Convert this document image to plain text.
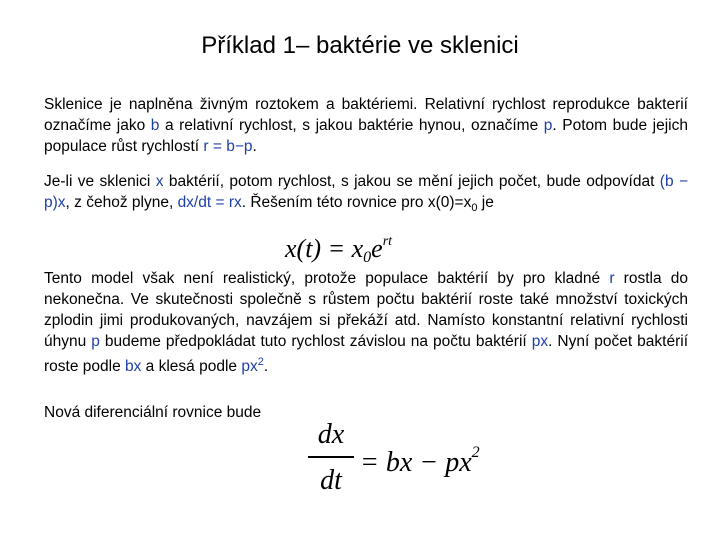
Příklad 1– baktérie ve sklenici
Sklenice je naplněna živným roztokem a baktériemi. Relativní rychlost reprodukce bakterií označíme jako b a relativní rychlost, s jakou baktérie hynou, označíme p. Potom bude jejich populace růst rychlostí r = b−p.
Je-li ve sklenici x baktérií, potom rychlost, s jakou se mění jejich počet, bude odpovídat (b − p)x, z čehož plyne, dx/dt = rx. Řešením této rovnice pro $x(0)=x_0$ je
$x(t) = x_0e^{rt}$
Tento model však není realistický, protože populace baktérií by pro kladné r rostla do nekonečna. Ve skutečnosti společně s růstem počtu baktérií roste také množství toxických zplodin jimi produkovaných, navzájem si překáží atd. Namísto konstantní relativní rychlosti úhynu p budeme předpokládat tuto rychlost závislou na počtu baktérií px. Nyní počet baktérií roste podle bx a klesá podle $px^2$.
Nová diferenciální rovnice bude
dx
dt
= bx − $px^2$
